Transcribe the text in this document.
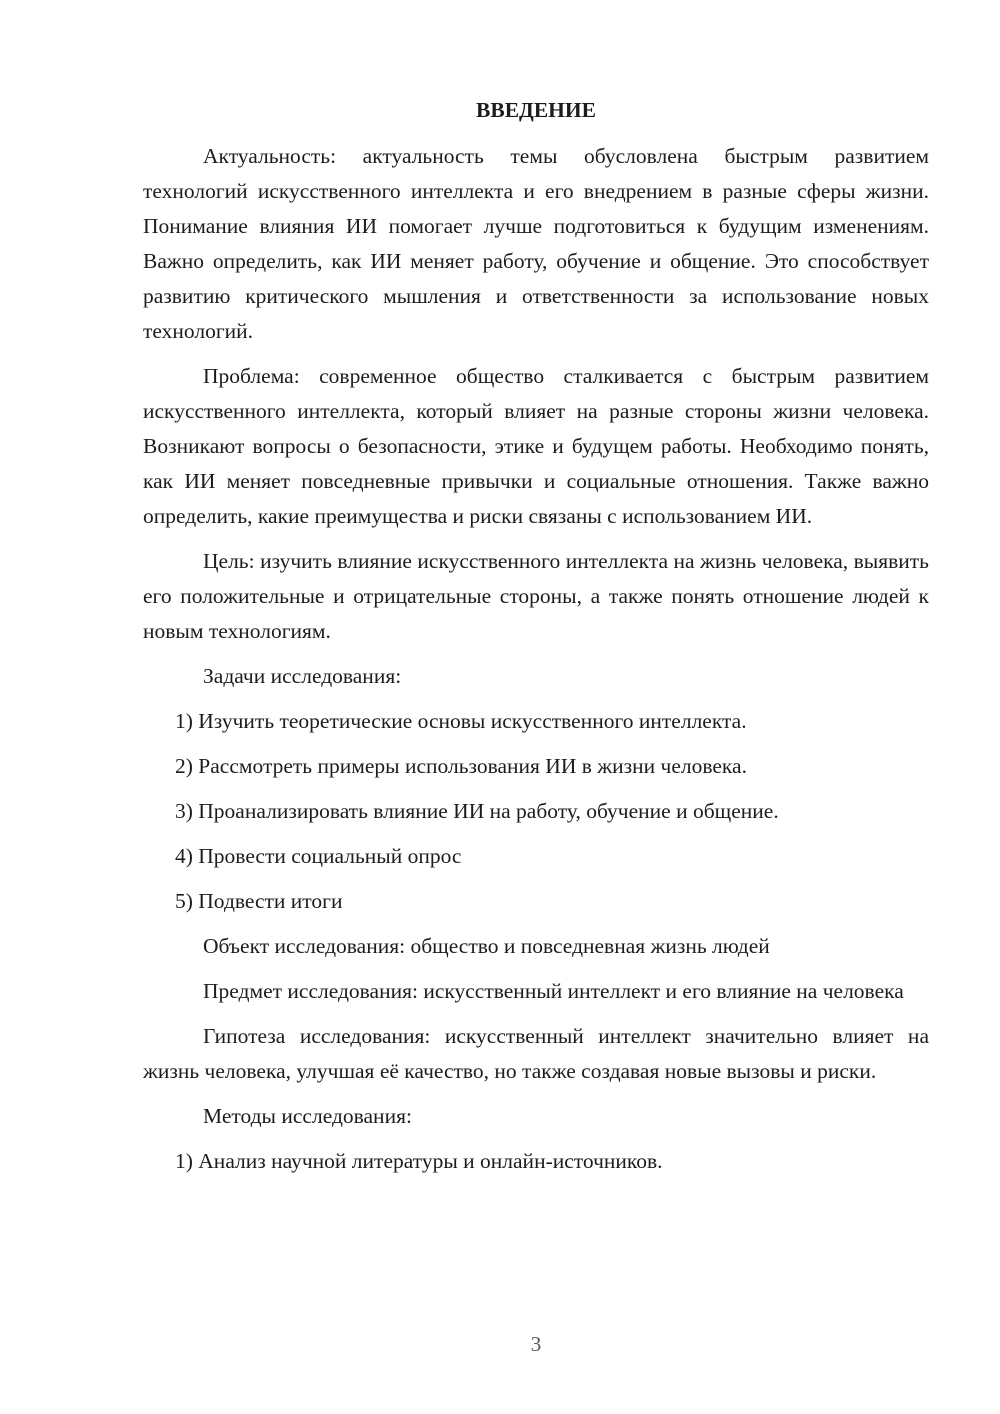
ВВЕДЕНИЕ

Актуальность: актуальность темы обусловлена быстрым развитием технологий искусственного интеллекта и его внедрением в разные сферы жизни. Понимание влияния ИИ помогает лучше подготовиться к будущим изменениям. Важно определить, как ИИ меняет работу, обучение и общение. Это способствует развитию критического мышления и ответственности за использование новых технологий.

Проблема: современное общество сталкивается с быстрым развитием искусственного интеллекта, который влияет на разные стороны жизни человека. Возникают вопросы о безопасности, этике и будущем работы. Необходимо понять, как ИИ меняет повседневные привычки и социальные отношения. Также важно определить, какие преимущества и риски связаны с использованием ИИ.

Цель: изучить влияние искусственного интеллекта на жизнь человека, выявить его положительные и отрицательные стороны, а также понять отношение людей к новым технологиям.

Задачи исследования:

1) Изучить теоретические основы искусственного интеллекта.

2) Рассмотреть примеры использования ИИ в жизни человека.

3) Проанализировать влияние ИИ на работу, обучение и общение.

4) Провести социальный опрос

5) Подвести итоги

Объект исследования: общество и повседневная жизнь людей

Предмет исследования: искусственный интеллект и его влияние на человека

Гипотеза исследования: искусственный интеллект значительно влияет на жизнь человека, улучшая её качество, но также создавая новые вызовы и риски.

Методы исследования:

1) Анализ научной литературы и онлайн-источников.

3
